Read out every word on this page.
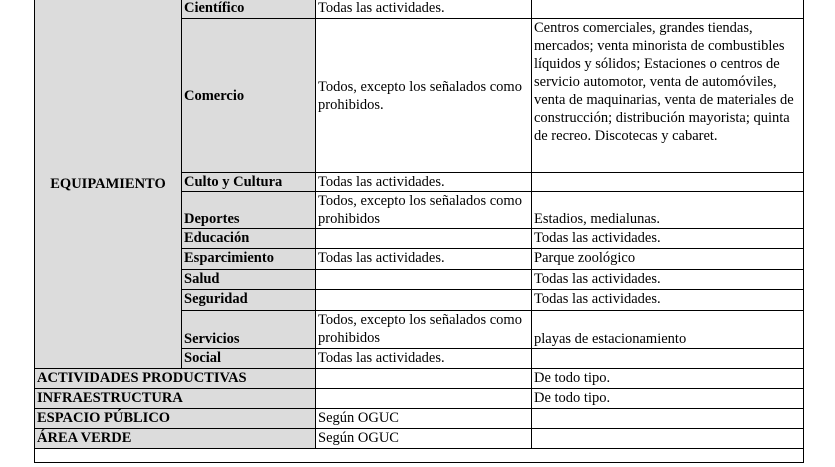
EQUIPAMIENTO	Científico	Todas las actividades.	
	Comercio	Todos, excepto los señalados como prohibidos.	Centros comerciales, grandes tiendas, mercados; venta minorista de combustibles líquidos y sólidos; Estaciones o centros de servicio automotor, venta de automóviles, venta de maquinarias, venta de materiales de construcción; distribución mayorista; quinta de recreo. Discotecas y cabaret.
	Culto y Cultura	Todas las actividades.	
	Deportes	Todos, excepto los señalados como prohibidos	Estadios, medialunas.
	Educación		Todas las actividades.
	Esparcimiento	Todas las actividades.	Parque zoológico
	Salud		Todas las actividades.
	Seguridad		Todas las actividades.
	Servicios	Todos, excepto los señalados como prohibidos	playas de estacionamiento
	Social	Todas las actividades.	
ACTIVIDADES PRODUCTIVAS			De todo tipo.
INFRAESTRUCTURA			De todo tipo.
ESPACIO PÚBLICO		Según OGUC	
ÁREA VERDE		Según OGUC	
